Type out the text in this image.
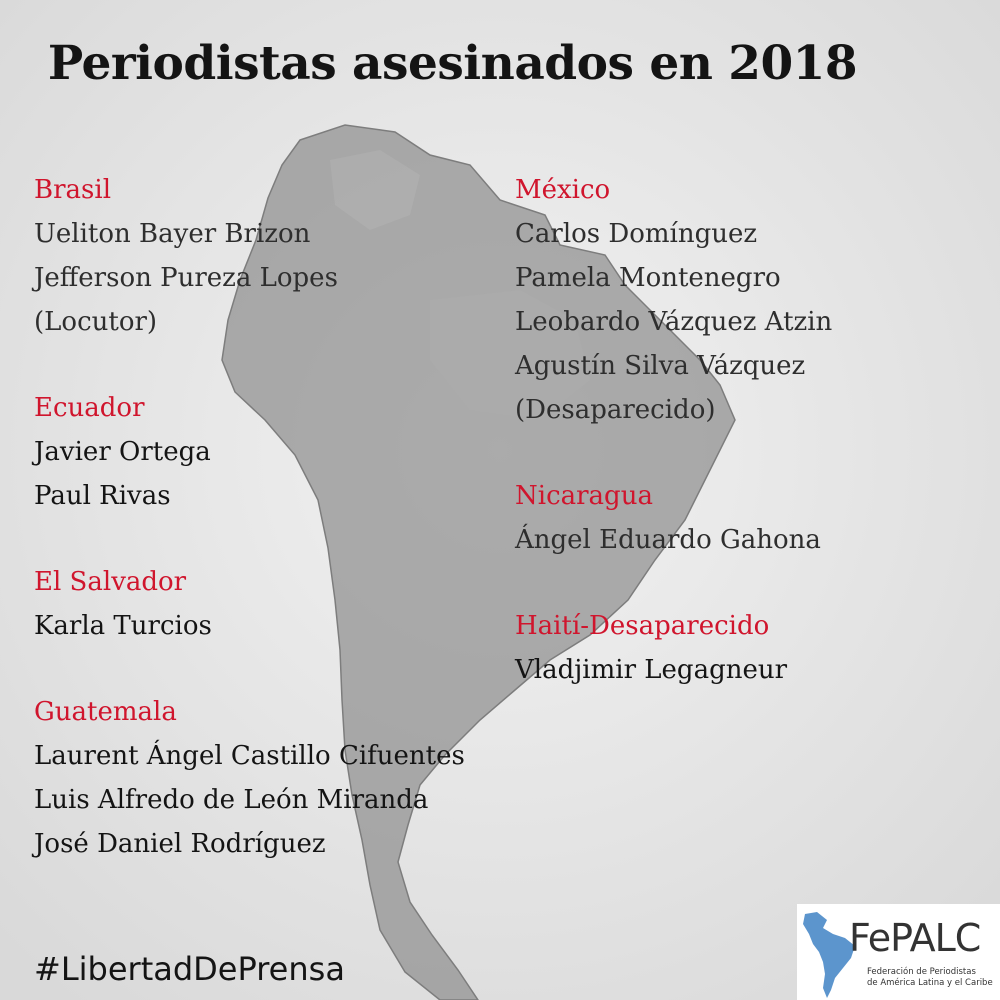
Periodistas asesinados en 2018

Brasil

Ueliton Bayer Brizon
Jefferson Pureza Lopes
(Locutor)

Ecuador

Javier Ortega
Paul Rivas

El Salvador

Karla Turcios

Guatemala

Laurent Ángel Castillo Cifuentes
Luis Alfredo de León Miranda
José Daniel Rodríguez

México

Carlos Domínguez
Pamela Montenegro
Leobardo Vázquez Atzin
Agustín Silva Vázquez
(Desaparecido)

Nicaragua

Ángel Eduardo Gahona

Haití-Desaparecido

Vladjimir Legagneur

#LibertadDePrensa

FePALC
Federación de Periodistas
de América Latina y el Caribe
